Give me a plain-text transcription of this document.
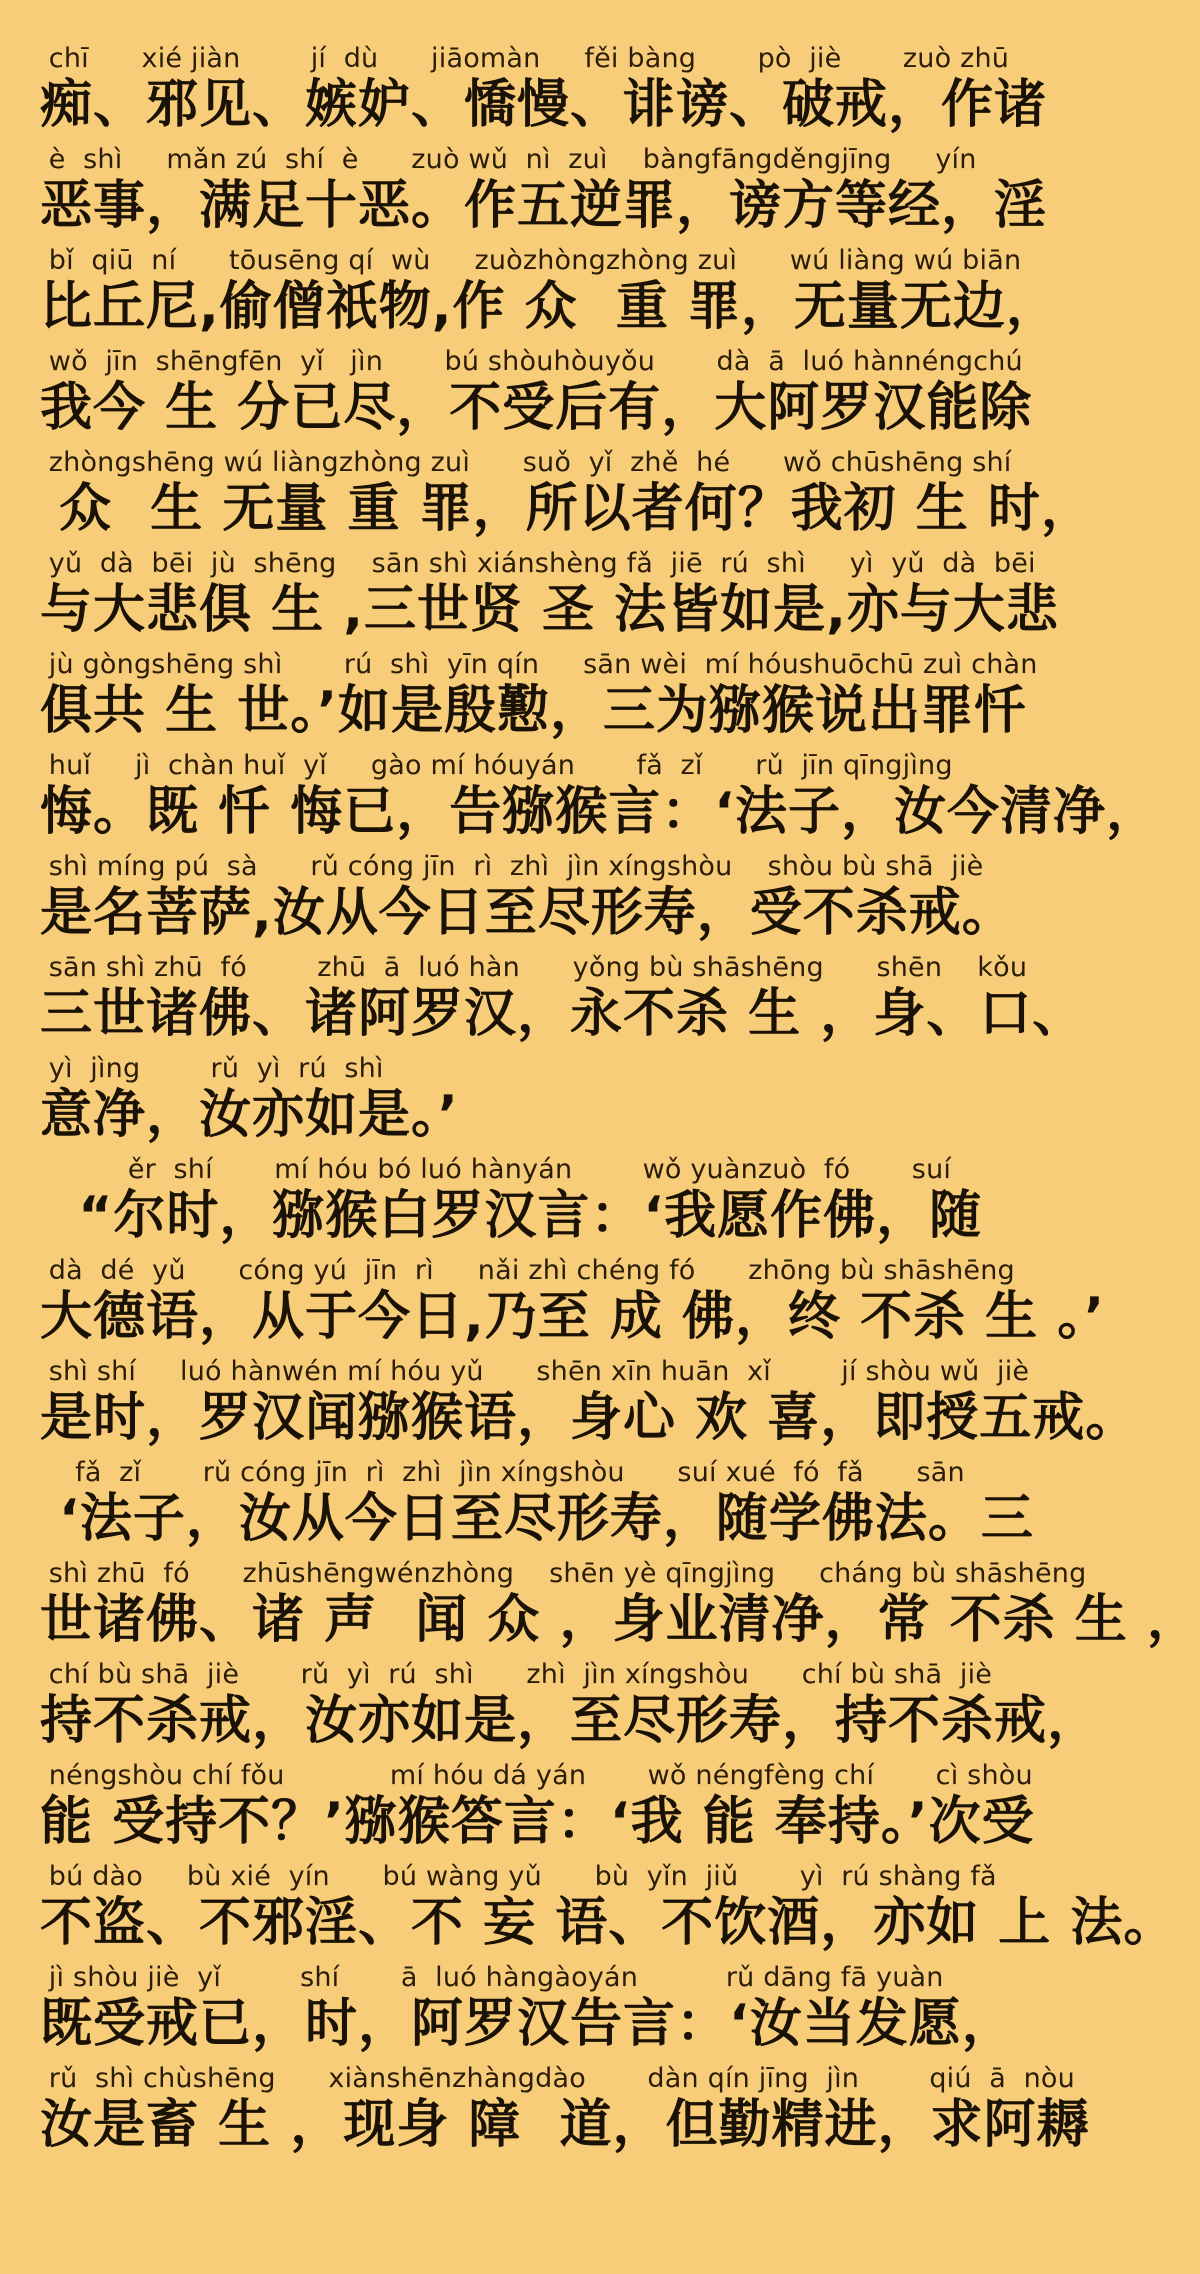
chī      xié jiàn        jí  dù      jiāomàn     fěi bàng       pò  jiè       zuò zhū
痴、邪见、嫉妒、憍慢、诽谤、破戒，作诸
è  shì     mǎn zú  shí  è      zuò wǔ  nì  zuì    bàngfāngděngjīng     yín
恶事，满足十恶。作五逆罪，谤方等经，淫
bǐ  qiū  ní      tōusēng qí  wù     zuòzhòngzhòng zuì      wú liàng wú biān
比丘尼,偷僧祇物,作 众  重 罪，无量无边，
wǒ  jīn  shēngfēn  yǐ   jìn       bú shòuhòuyǒu       dà  ā  luó hànnéngchú
我今 生 分已尽，不受后有，大阿罗汉能除
zhòngshēng wú liàngzhòng zuì      suǒ  yǐ  zhě  hé      wǒ chūshēng shí
众  生 无量 重 罪，所以者何？我初 生 时，
yǔ  dà  bēi  jù  shēng    sān shì xiánshèng fǎ  jiē  rú  shì     yì  yǔ  dà  bēi
与大悲俱 生 ,三世贤 圣 法皆如是,亦与大悲
jù gòngshēng shì       rú  shì  yīn qín     sān wèi  mí hóushuōchū zuì chàn
俱共 生 世。’如是殷懃，三为猕猴说出罪忏
huǐ     jì  chàn huǐ  yǐ     gào mí hóuyán       fǎ  zǐ      rǔ  jīn qīngjìng
悔。既 忏 悔已，告猕猴言：‘法子，汝今清净，
shì míng pú  sà      rǔ cóng jīn  rì  zhì  jìn xíngshòu    shòu bù shā  jiè
是名菩萨,汝从今日至尽形寿，受不杀戒。
sān shì zhū  fó        zhū  ā  luó hàn      yǒng bù shāshēng      shēn    kǒu
三世诸佛、诸阿罗汉，永不杀 生 ，身、口、
yì  jìng        rǔ  yì  rú  shì
意净，汝亦如是。’
ěr  shí       mí hóu bó luó hànyán        wǒ yuànzuò  fó       suí
“尔时，猕猴白罗汉言：‘我愿作佛，随
dà  dé  yǔ      cóng yú  jīn  rì     nǎi zhì chéng fó      zhōng bù shāshēng
大德语，从于今日,乃至 成 佛，终 不杀 生 。’
shì shí     luó hànwén mí hóu yǔ      shēn xīn huān  xǐ        jí shòu wǔ  jiè
是时，罗汉闻猕猴语，身心 欢 喜，即授五戒。
fǎ  zǐ       rǔ cóng jīn  rì  zhì  jìn xíngshòu      suí xué  fó  fǎ      sān
‘法子，汝从今日至尽形寿，随学佛法。三
shì zhū  fó      zhūshēngwénzhòng    shēn yè qīngjìng     cháng bù shāshēng
世诸佛、诸 声  闻 众 ，身业清净，常 不杀 生 ，
chí bù shā  jiè       rǔ  yì  rú  shì      zhì  jìn xíngshòu      chí bù shā  jiè
持不杀戒，汝亦如是，至尽形寿，持不杀戒，
néngshòu chí fǒu            mí hóu dá yán       wǒ néngfèng chí       cì shòu
能 受持不？’猕猴答言：‘我 能 奉持。’次受
bú dào     bù xié  yín      bú wàng yǔ      bù  yǐn  jiǔ       yì  rú shàng fǎ
不盗、不邪淫、不 妄 语、不饮酒，亦如 上 法。
jì shòu jiè  yǐ         shí       ā  luó hàngàoyán          rǔ dāng fā yuàn
既受戒已，时，阿罗汉告言：‘汝当发愿，
rǔ  shì chùshēng      xiànshēnzhàngdào       dàn qín jīng  jìn        qiú  ā  nòu
汝是畜 生 ，现身 障  道，但勤精进，求阿耨
